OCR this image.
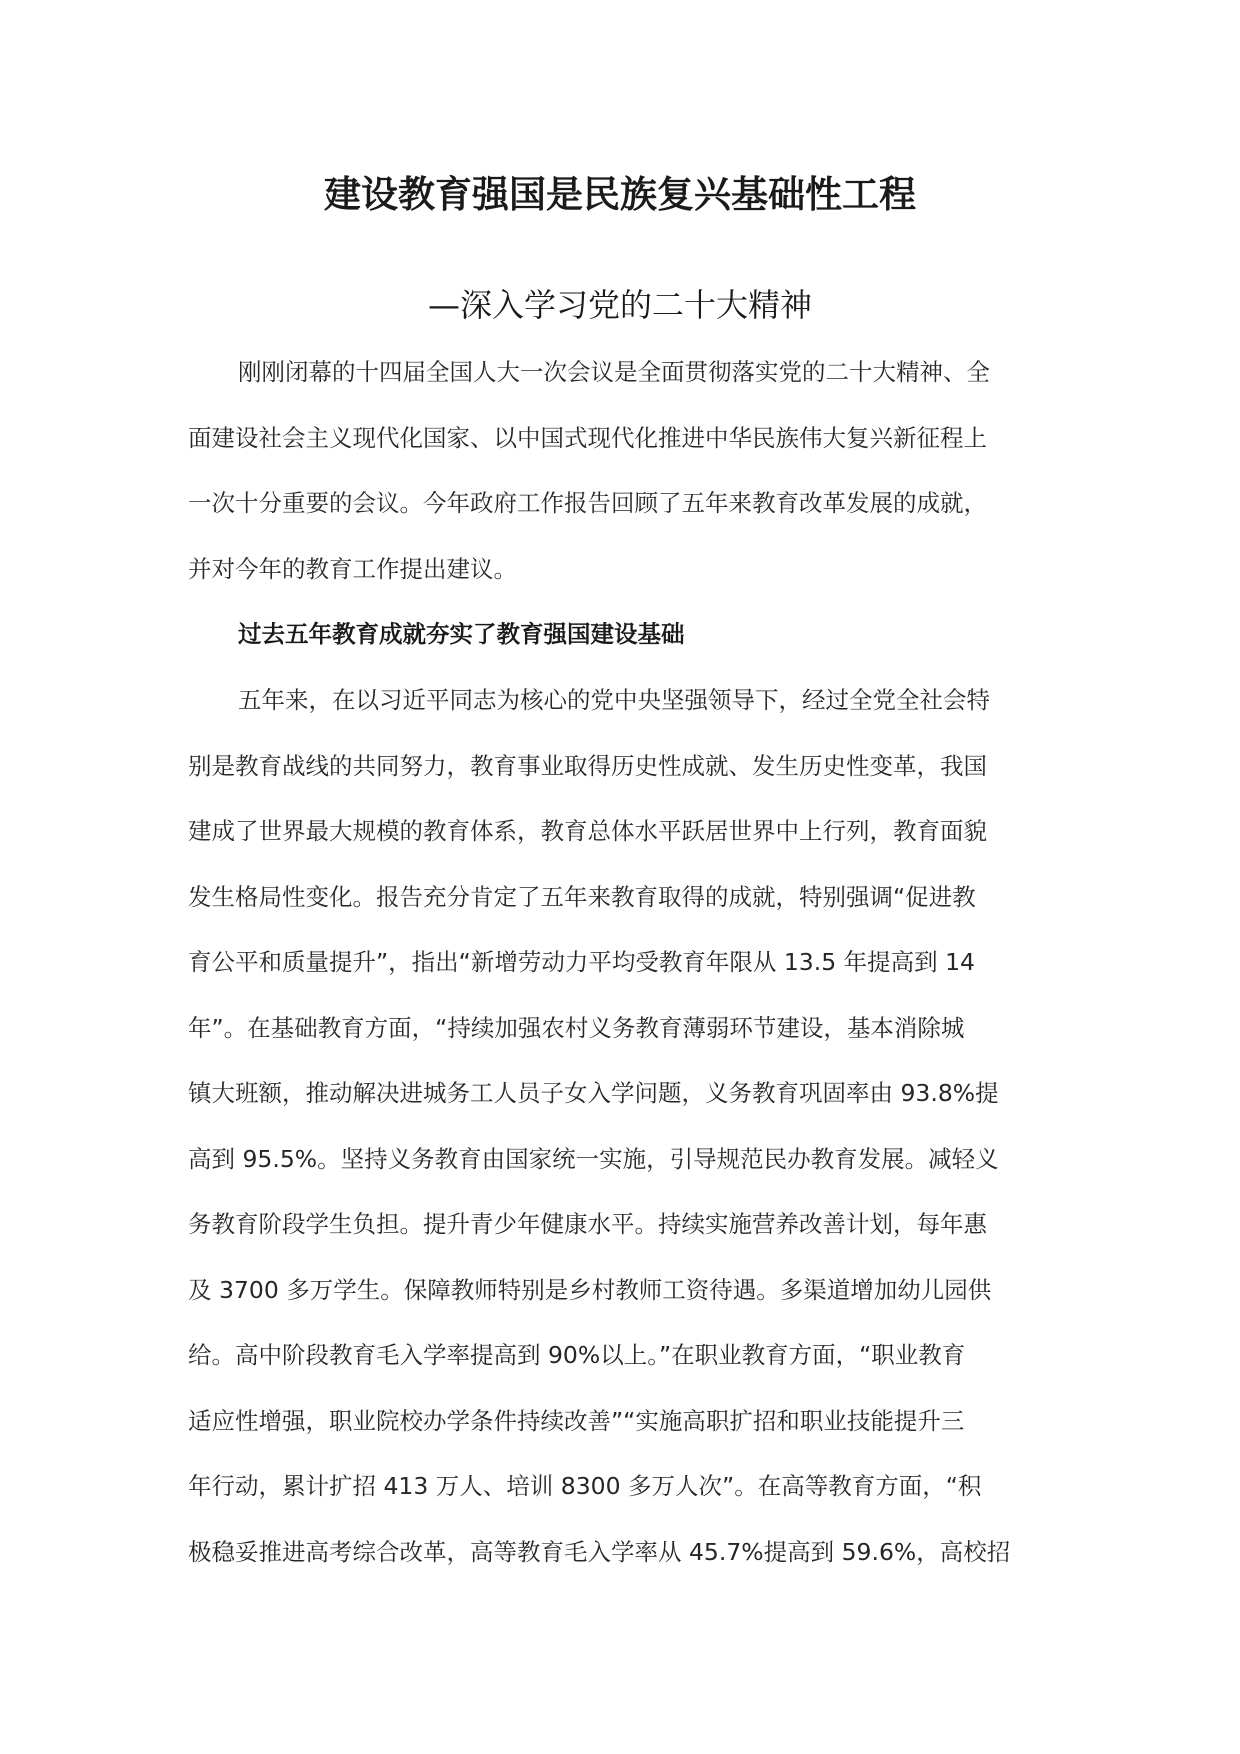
建设教育强国是民族复兴基础性工程
—深入学习党的二十大精神

刚刚闭幕的十四届全国人大一次会议是全面贯彻落实党的二十大精神、全
面建设社会主义现代化国家、以中国式现代化推进中华民族伟大复兴新征程上
一次十分重要的会议。今年政府工作报告回顾了五年来教育改革发展的成就，
并对今年的教育工作提出建议。

过去五年教育成就夯实了教育强国建设基础

五年来，在以习近平同志为核心的党中央坚强领导下，经过全党全社会特
别是教育战线的共同努力，教育事业取得历史性成就、发生历史性变革，我国
建成了世界最大规模的教育体系，教育总体水平跃居世界中上行列，教育面貌
发生格局性变化。报告充分肯定了五年来教育取得的成就，特别强调“促进教
育公平和质量提升”，指出“新增劳动力平均受教育年限从 13.5 年提高到 14
年”。在基础教育方面，“持续加强农村义务教育薄弱环节建设，基本消除城
镇大班额，推动解决进城务工人员子女入学问题，义务教育巩固率由 93.8%提
高到 95.5%。坚持义务教育由国家统一实施，引导规范民办教育发展。减轻义
务教育阶段学生负担。提升青少年健康水平。持续实施营养改善计划，每年惠
及 3700 多万学生。保障教师特别是乡村教师工资待遇。多渠道增加幼儿园供
给。高中阶段教育毛入学率提高到 90%以上。”在职业教育方面，“职业教育
适应性增强，职业院校办学条件持续改善”“实施高职扩招和职业技能提升三
年行动，累计扩招 413 万人、培训 8300 多万人次”。在高等教育方面，“积
极稳妥推进高考综合改革，高等教育毛入学率从 45.7%提高到 59.6%，高校招
